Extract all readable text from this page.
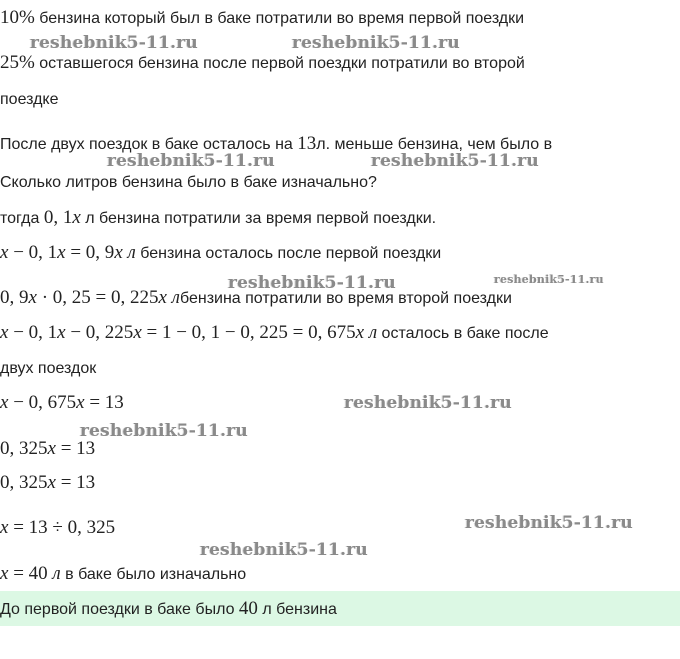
10% бензина который был в баке потратили во время первой поездки
25% оставшегося бензина после первой поездки потратили во второй
поездке
После двух поездок в баке осталось на 13л. меньше бензина, чем было в
Сколько литров бензина было в баке изначально?
тогда 0, 1x л бензина потратили за время первой поездки.
x − 0, 1x = 0, 9x л бензина осталось после первой поездки
0, 9x · 0, 25 = 0, 225x лбензина потратили во время второй поездки
x − 0, 1x − 0, 225x = 1 − 0, 1 − 0, 225 = 0, 675x л осталось в баке после
двух поездок
x − 0, 675x = 13
0, 325x = 13
0, 325x = 13
x = 13 ÷ 0, 325
x = 40 л в баке было изначально
До первой поездки в баке было 40 л бензина
reshebnik5-11.ru	reshebnik5-11.ru
reshebnik5-11.ru	reshebnik5-11.ru
reshebnik5-11.ru	reshebnik5-11.ru
reshebnik5-11.ru
reshebnik5-11.ru
reshebnik5-11.ru
reshebnik5-11.ru
